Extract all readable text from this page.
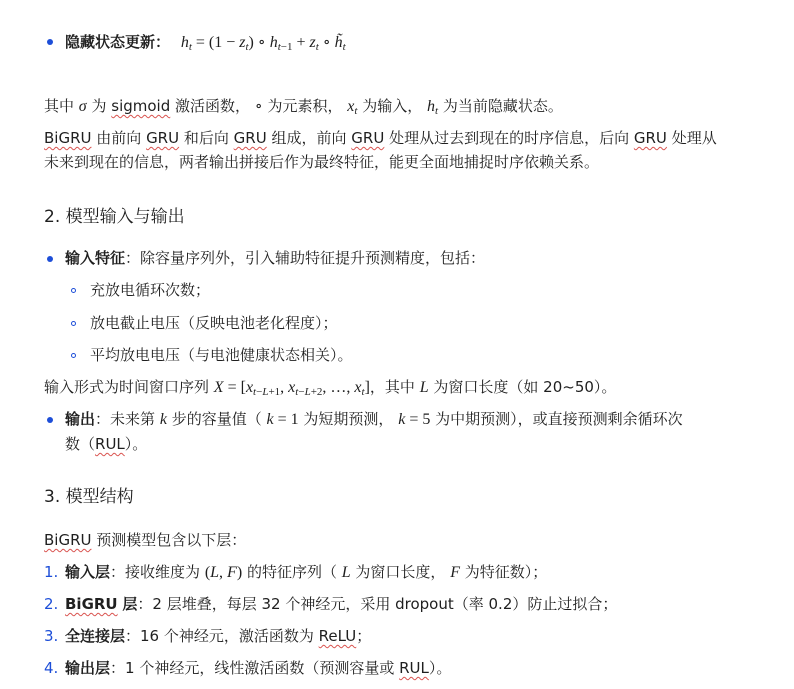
隐藏状态更新： $h_t = (1 - z_t)$ ∘ $h_{t-1} + z_t$ ∘ $h̃_t$
其中 σ 为 sigmoid 激活函数， ∘ 为元素积， $x_t$ 为输入， $h_t$ 为当前隐藏状态。
BiGRU 由前向 GRU 和后向 GRU 组成，前向 GRU 处理从过去到现在的时序信息，后向 GRU 处理从
未来到现在的信息，两者输出拼接后作为最终特征，能更全面地捕捉时序依赖关系。
2. 模型输入与输出
输入特征：除容量序列外，引入辅助特征提升预测精度，包括：
充放电循环次数；
放电截止电压（反映电池老化程度）；
平均放电电压（与电池健康状态相关）。
输入形式为时间窗口序列 $X = [x_{t-L+1}$, $x_{t-L+2}$, …, $x_t$]，其中 L 为窗口长度（如 20~50）。
输出：未来第 k 步的容量值（ k = 1 为短期预测， k = 5 为中期预测），或直接预测剩余循环次
数（RUL）。
3. 模型结构
BiGRU 预测模型包含以下层：
1. 输入层：接收维度为 (L, F) 的特征序列（ L 为窗口长度， F 为特征数）；
2. BiGRU 层：2 层堆叠，每层 32 个神经元，采用 dropout（率 0.2）防止过拟合；
3. 全连接层：16 个神经元，激活函数为 ReLU；
4. 输出层：1 个神经元，线性激活函数（预测容量或 RUL）。
